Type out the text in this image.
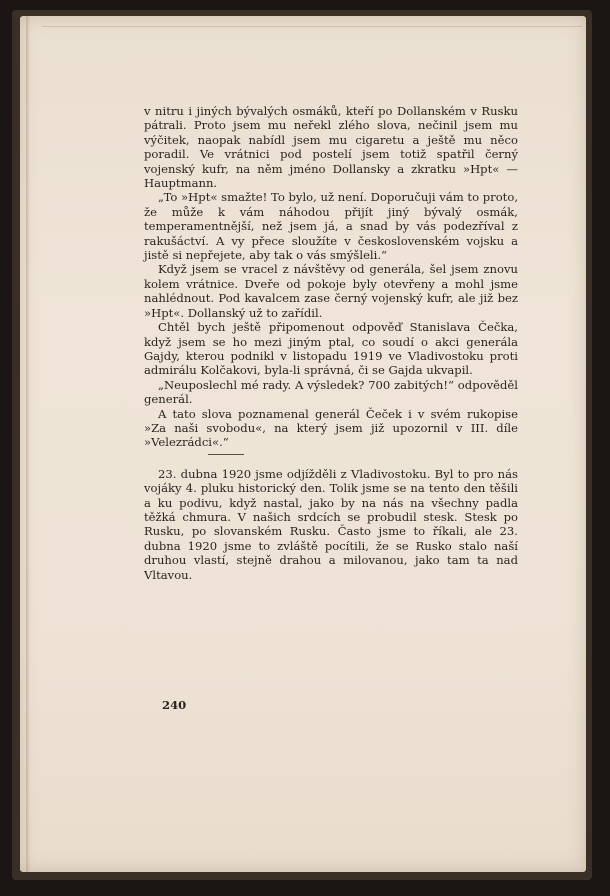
v nitru i jiných bývalých osmáků, kteří po Dollanském v Rusku pátrali. Proto jsem mu neřekl zlého slova, nečinil jsem mu výčitek, naopak nabídl jsem mu cigaretu a ještě mu něco poradil. Ve vrátnici pod postelí jsem totiž spatřil černý vojenský kufr, na něm jméno Dollansky a zkratku »Hpt« — Hauptmann.

„To »Hpt« smažte! To bylo, už není. Doporučuji vám to proto, že může k vám náhodou přijít jiný bývalý osmák, temperamentnější, než jsem já, a snad by vás podezříval z rakušáctví. A vy přece sloužíte v československém vojsku a jistě si nepřejete, aby tak o vás smýšleli.“

Když jsem se vracel z návštěvy od generála, šel jsem znovu kolem vrátnice. Dveře od pokoje byly otevřeny a mohl jsme nahlédnout. Pod kavalcem zase černý vojenský kufr, ale již bez »Hpt«. Dollanský už to zařídil.

Chtěl bych ještě připomenout odpověď Stanislava Čečka, když jsem se ho mezi jiným ptal, co soudí o akci generála Gajdy, kterou podnikl v listopadu 1919 ve Vladivostoku proti admirálu Kolčakovi, byla-li správná, či se Gajda ukvapil.

„Neuposlechl mé rady. A výsledek? 700 zabitých!“ odpověděl generál.

A tato slova poznamenal generál Čeček i v svém rukopise »Za naši svobodu«, na který jsem již upozornil v III. díle »Velezrádci«.“

23. dubna 1920 jsme odjížděli z Vladivostoku. Byl to pro nás vojáky 4. pluku historický den. Tolik jsme se na tento den těšili a ku podivu, když nastal, jako by na nás na všechny padla těžká chmura. V našich srdcích se probudil stesk. Stesk po Rusku, po slovanském Rusku. Často jsme to říkali, ale 23. dubna 1920 jsme to zvláště pocítili, že se Rusko stalo naší druhou vlastí, stejně drahou a milovanou, jako tam ta nad Vltavou.

240
